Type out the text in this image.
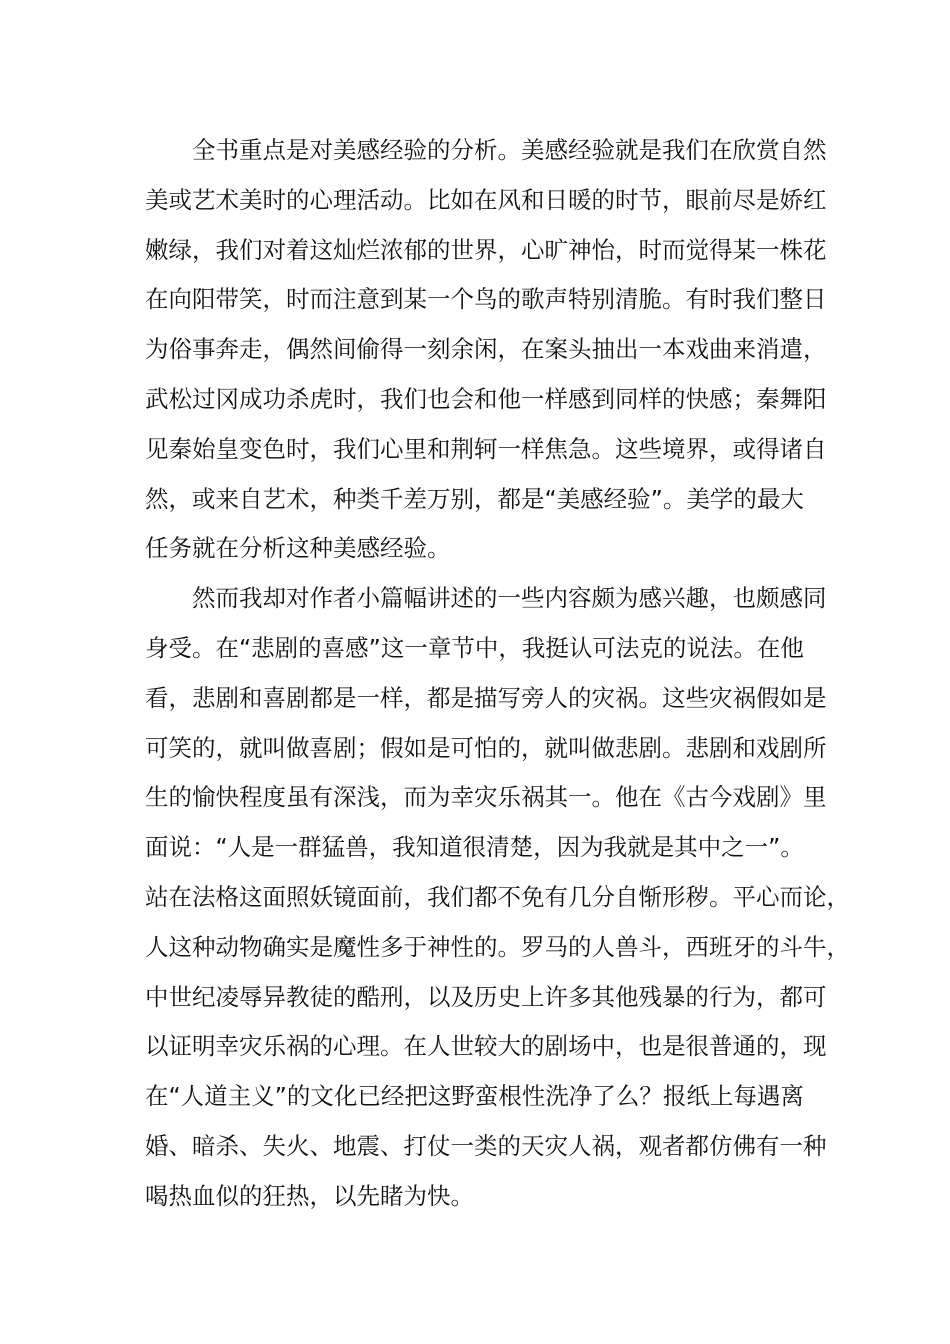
全书重点是对美感经验的分析。美感经验就是我们在欣赏自然
美或艺术美时的心理活动。比如在风和日暖的时节，眼前尽是娇红
嫩绿，我们对着这灿烂浓郁的世界，心旷神怡，时而觉得某一株花
在向阳带笑，时而注意到某一个鸟的歌声特别清脆。有时我们整日
为俗事奔走，偶然间偷得一刻余闲，在案头抽出一本戏曲来消遣，
武松过冈成功杀虎时，我们也会和他一样感到同样的快感；秦舞阳
见秦始皇变色时，我们心里和荆轲一样焦急。这些境界，或得诸自
然，或来自艺术，种类千差万别，都是“美感经验”。美学的最大
任务就在分析这种美感经验。
然而我却对作者小篇幅讲述的一些内容颇为感兴趣，也颇感同
身受。在“悲剧的喜感”这一章节中，我挺认可法克的说法。在他
看，悲剧和喜剧都是一样，都是描写旁人的灾祸。这些灾祸假如是
可笑的，就叫做喜剧；假如是可怕的，就叫做悲剧。悲剧和戏剧所
生的愉快程度虽有深浅，而为幸灾乐祸其一。他在《古今戏剧》里
面说：“人是一群猛兽，我知道很清楚，因为我就是其中之一”。
站在法格这面照妖镜面前，我们都不免有几分自惭形秽。平心而论，
人这种动物确实是魔性多于神性的。罗马的人兽斗，西班牙的斗牛，
中世纪凌辱异教徒的酷刑，以及历史上许多其他残暴的行为，都可
以证明幸灾乐祸的心理。在人世较大的剧场中，也是很普通的，现
在“人道主义”的文化已经把这野蛮根性洗净了么？报纸上每遇离
婚、暗杀、失火、地震、打仗一类的天灾人祸，观者都仿佛有一种
喝热血似的狂热，以先睹为快。
